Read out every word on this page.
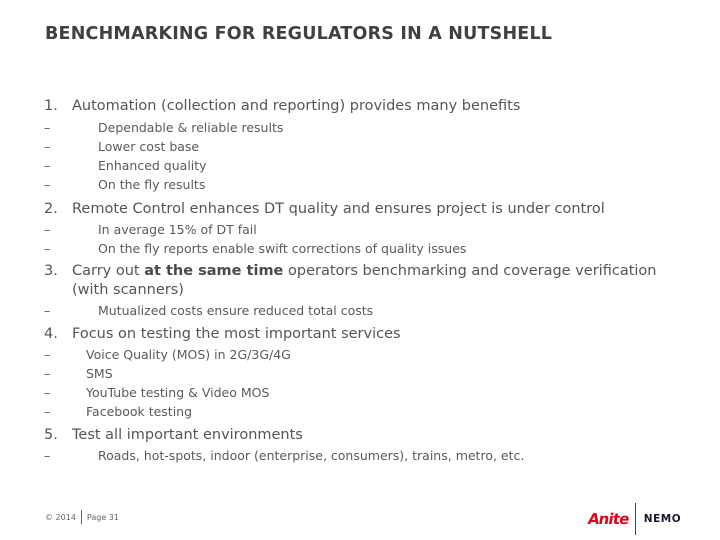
BENCHMARKING FOR REGULATORS IN A NUTSHELL
1. Automation (collection and reporting) provides many benefits
–	Dependable & reliable results
–	Lower cost base
–	Enhanced quality
–	On the fly results
2. Remote Control enhances DT quality and ensures project is under control
–	In average 15% of DT fail
–	On the fly reports enable swift corrections of quality issues
3. Carry out at the same time operators benchmarking and coverage verification (with scanners)
–	Mutualized costs ensure reduced total costs
4. Focus on testing the most important services
–	Voice Quality (MOS) in 2G/3G/4G
–	SMS
–	YouTube testing & Video MOS
–	Facebook testing
5. Test all important environments
–	Roads, hot-spots, indoor (enterprise, consumers), trains, metro, etc.
© 2014 Page 31	Anite NEMO
